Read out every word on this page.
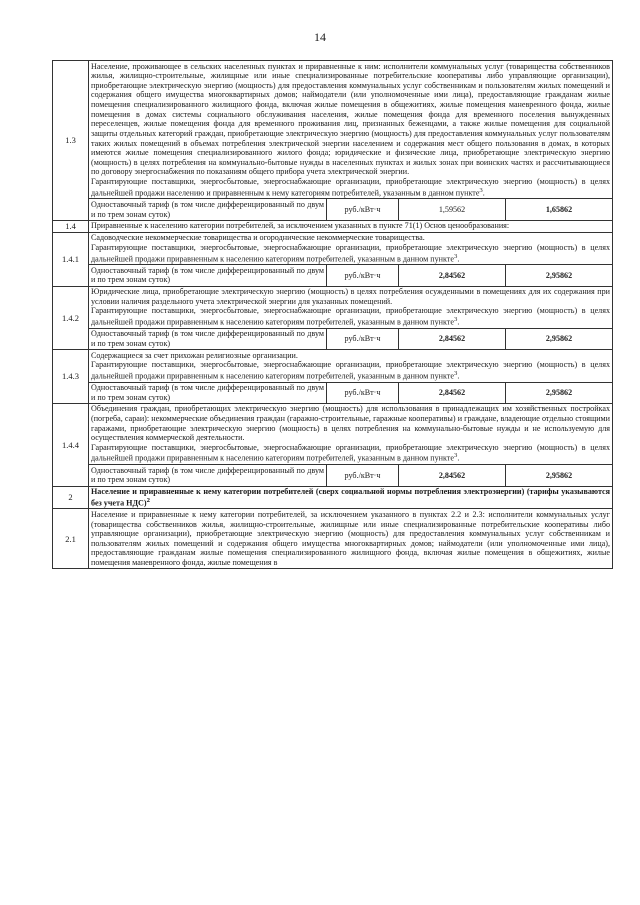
14
1.3	Население, проживающее в сельских населенных пунктах и приравненные к ним: исполнители коммунальных услуг (товарищества собственников жилья, жилищно-строительные, жилищные или иные специализированные потребительские кооперативы либо управляющие организации), приобретающие электрическую энергию (мощность) для предоставления коммунальных услуг собственникам и пользователям жилых помещений и содержания общего имущества многоквартирных домов; наймодатели (или уполномоченные ими лица), предоставляющие гражданам жилые помещения специализированного жилищного фонда, включая жилые помещения в общежитиях, жилые помещения маневренного фонда, жилые помещения в домах системы социального обслуживания населения, жилые помещения фонда для временного поселения вынужденных переселенцев, жилые помещения фонда для временного проживания лиц, признанных беженцами, а также жилые помещения для социальной защиты отдельных категорий граждан, приобретающие электрическую энергию (мощность) для предоставления коммунальных услуг пользователям таких жилых помещений в объемах потребления электрической энергии населением и содержания мест общего пользования в домах, в которых имеются жилые помещения специализированного жилого фонда; юридические и физические лица, приобретающие электрическую энергию (мощность) в целях потребления на коммунально-бытовые нужды в населенных пунктах и жилых зонах при воинских частях и рассчитывающиеся по договору энергоснабжения по показаниям общего прибора учета электрической энергии.
Гарантирующие поставщики, энергосбытовые, энергоснабжающие организации, приобретающие электрическую энергию (мощность) в целях дальнейшей продажи населению и приравненным к нему категориям потребителей, указанным в данном пункте$^3$.			
	Одноставочный тариф (в том числе дифференцированный по двум и по трем зонам суток)	руб./кВт·ч	1,59562	1,65862
1.4	Приравненные к населению категории потребителей, за исключением указанных в пункте 71(1) Основ ценообразования:			
1.4.1	Садоводческие некоммерческие товарищества и огороднические некоммерческие товарищества.
Гарантирующие поставщики, энергосбытовые, энергоснабжающие организации, приобретающие электрическую энергию (мощность) в целях дальнейшей продажи приравненным к населению категориям потребителей, указанным в данном пункте$^3$.			
	Одноставочный тариф (в том числе дифференцированный по двум и по трем зонам суток)	руб./кВт·ч	2,84562	2,95862
1.4.2	Юридические лица, приобретающие электрическую энергию (мощность) в целях потребления осужденными в помещениях для их содержания при условии наличия раздельного учета электрической энергии для указанных помещений.
Гарантирующие поставщики, энергосбытовые, энергоснабжающие организации, приобретающие электрическую энергию (мощность) в целях дальнейшей продажи приравненным к населению категориям потребителей, указанным в данном пункте$^3$.			
	Одноставочный тариф (в том числе дифференцированный по двум и по трем зонам суток)	руб./кВт·ч	2,84562	2,95862
1.4.3	Содержащиеся за счет прихожан религиозные организации.
Гарантирующие поставщики, энергосбытовые, энергоснабжающие организации, приобретающие электрическую энергию (мощность) в целях дальнейшей продажи приравненным к населению категориям потребителей, указанным в данном пункте$^3$.			
	Одноставочный тариф (в том числе дифференцированный по двум и по трем зонам суток)	руб./кВт·ч	2,84562	2,95862
1.4.4	Объединения граждан, приобретающих электрическую энергию (мощность) для использования в принадлежащих им хозяйственных постройках (погреба, сараи): некоммерческие объединения граждан (гаражно-строительные, гаражные кооперативы) и граждане, владеющие отдельно стоящими гаражами, приобретающие электрическую энергию (мощность) в целях потребления на коммунально-бытовые нужды и не используемую для осуществления коммерческой деятельности.
Гарантирующие поставщики, энергосбытовые, энергоснабжающие организации, приобретающие электрическую энергию (мощность) в целях дальнейшей продажи приравненным к населению категориям потребителей, указанным в данном пункте$^3$.			
	Одноставочный тариф (в том числе дифференцированный по двум и по трем зонам суток)	руб./кВт·ч	2,84562	2,95862
2	Население и приравненные к нему категории потребителей (сверх социальной нормы потребления электроэнергии) (тарифы указываются без учета НДС)$^2$
2.1	Население и приравненные к нему категории потребителей, за исключением указанного в пунктах 2.2 и 2.3: исполнители коммунальных услуг (товарищества собственников жилья, жилищно-строительные, жилищные или иные специализированные потребительские кооперативы либо управляющие организации), приобретающие электрическую энергию (мощность) для предоставления коммунальных услуг собственникам и пользователям жилых помещений и содержания общего имущества многоквартирных домов; наймодатели (или уполномоченные ими лица), предоставляющие гражданам жилые помещения специализированного жилищного фонда, включая жилые помещения в общежитиях, жилые помещения маневренного фонда, жилые помещения в			
